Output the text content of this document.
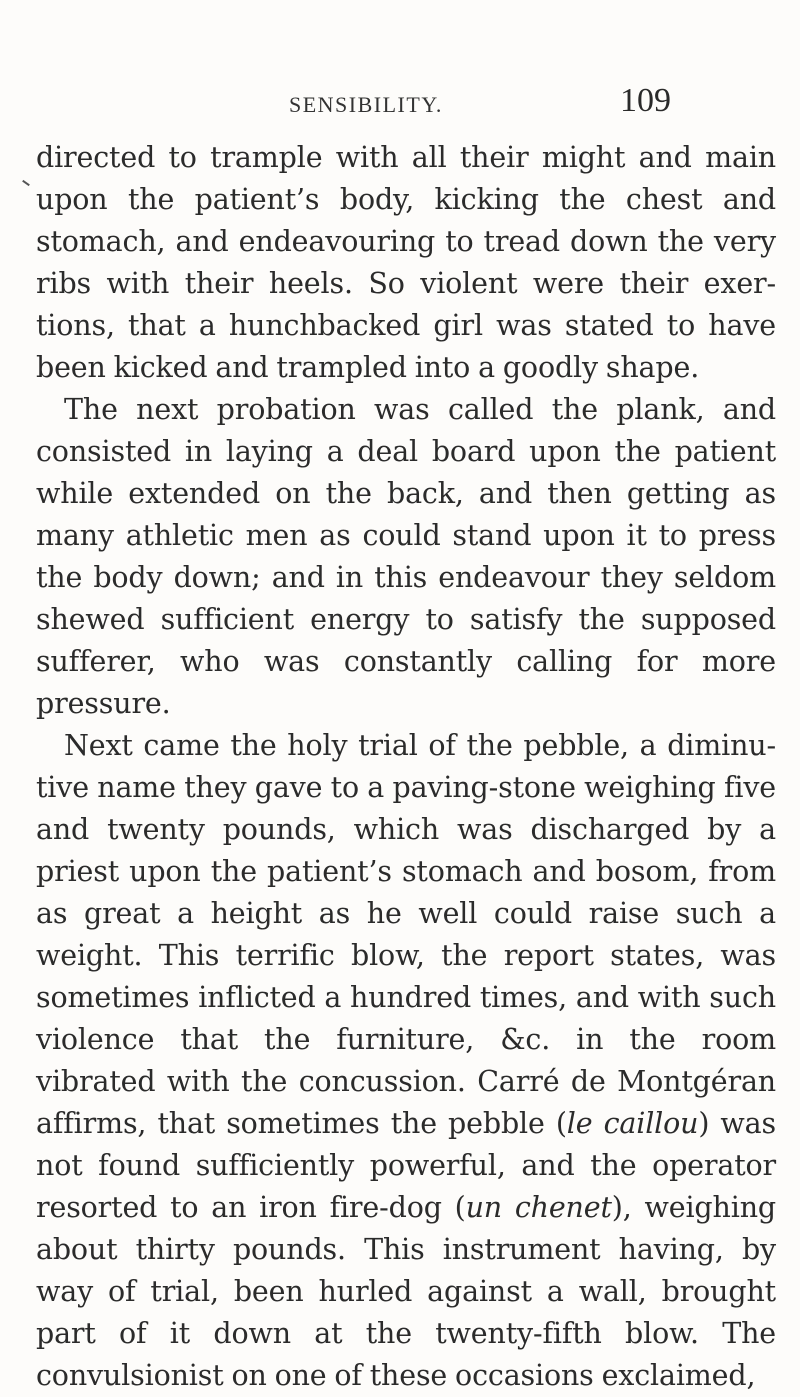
SENSIBILITY.	109
directed to trample with all their might and main
upon the patient’s body, kicking the chest and
stomach, and endeavouring to tread down the very
ribs with their heels. So violent were their exer-
tions, that a hunchbacked girl was stated to have
been kicked and trampled into a goodly shape.
The next probation was called the plank, and
consisted in laying a deal board upon the patient
while extended on the back, and then getting as
many athletic men as could stand upon it to press
the body down; and in this endeavour they seldom
shewed sufficient energy to satisfy the supposed
sufferer, who was constantly calling for more
pressure.
Next came the holy trial of the pebble, a diminu-
tive name they gave to a paving-stone weighing five
and twenty pounds, which was discharged by a
priest upon the patient’s stomach and bosom, from
as great a height as he well could raise such a
weight. This terrific blow, the report states, was
sometimes inflicted a hundred times, and with such
violence that the furniture, &c. in the room
vibrated with the concussion. Carré de Montgéran
affirms, that sometimes the pebble (le caillou) was
not found sufficiently powerful, and the operator
resorted to an iron fire-dog (un chenet), weighing
about thirty pounds. This instrument having, by
way of trial, been hurled against a wall, brought
part of it down at the twenty-fifth blow. The
convulsionist on one of these occasions exclaimed,
